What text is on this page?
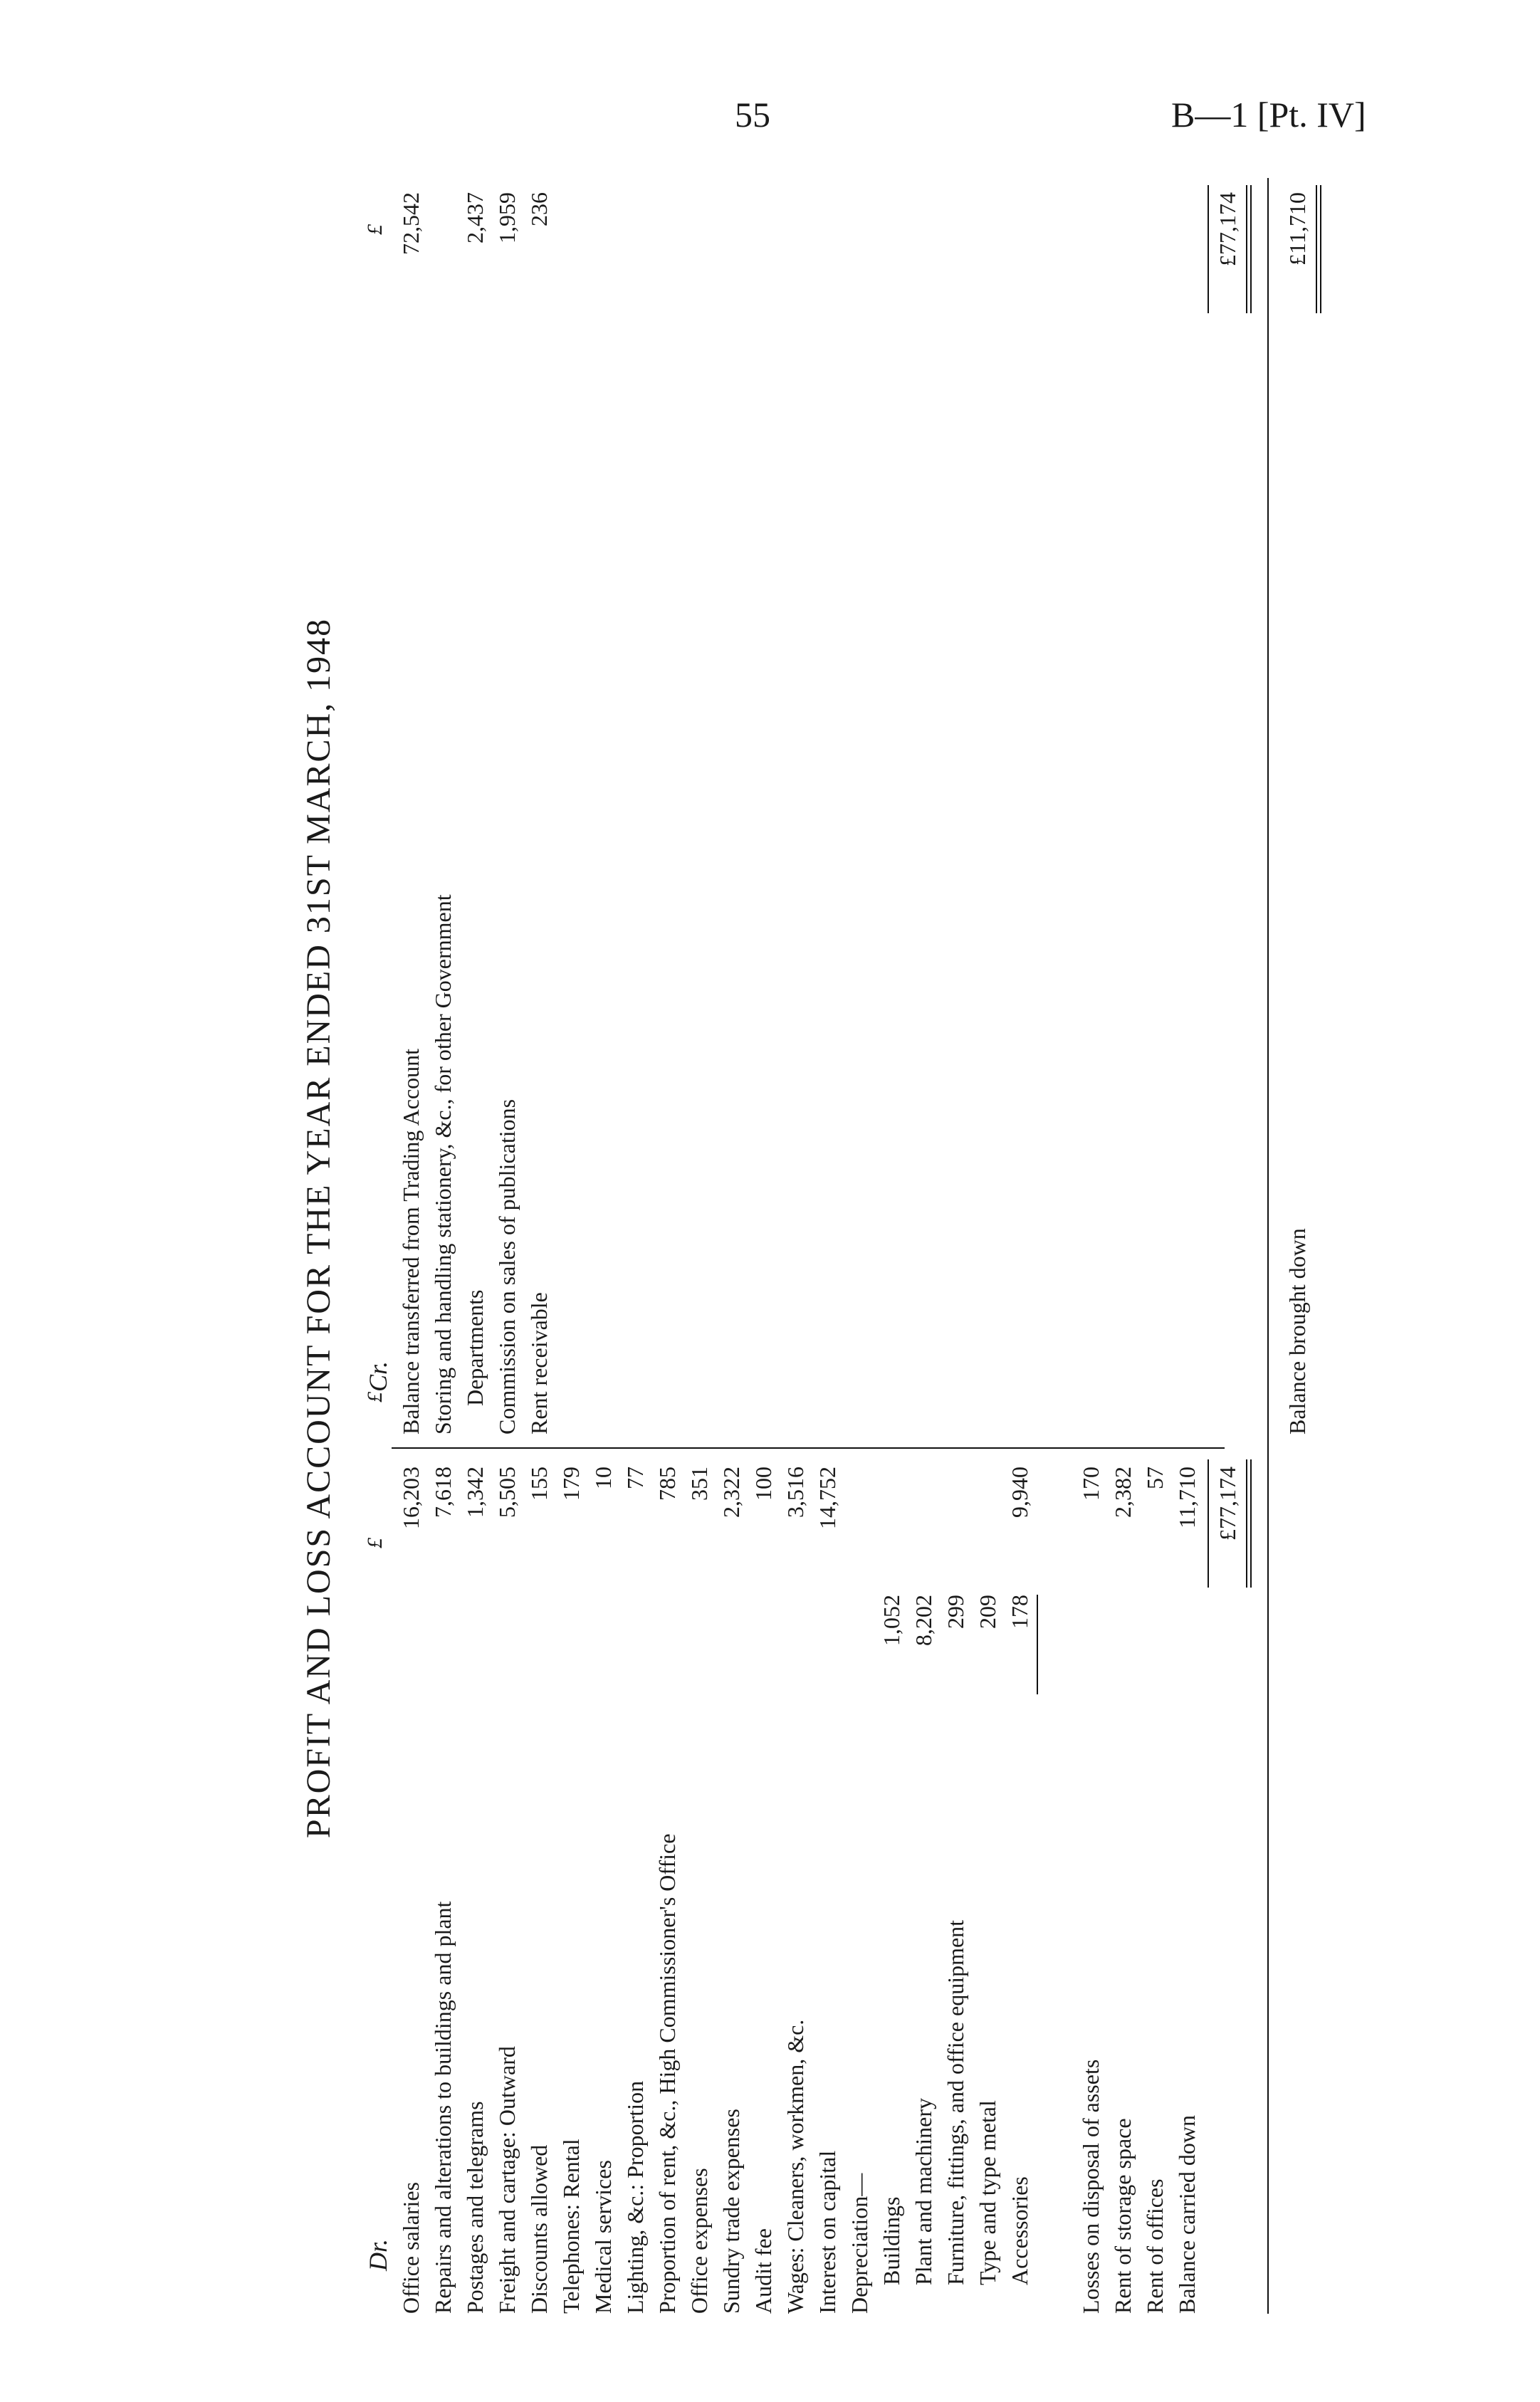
55	B—1 [Pt. IV]
PROFIT AND LOSS ACCOUNT FOR THE YEAR ENDED 31ST MARCH, 1948
Dr.
£
£
Cr.
£
Office salaries
16,203
Repairs and alterations to buildings and plant
7,618
Postages and telegrams
1,342
Freight and cartage: Outward
5,505
Discounts allowed
155
Telephones: Rental
179
Medical services
10
Lighting, &c.: Proportion
77
Proportion of rent, &c., High Commissioner's Office
785
Office expenses
351
Sundry trade expenses
2,322
Audit fee
100
Wages: Cleaners, workmen, &c.
3,516
Interest on capital
14,752
Depreciation— Buildings
1,052
Plant and machinery
8,202
Furniture, fittings, and office equipment
299
Type and type metal
209
Accessories
178
9,940
Losses on disposal of assets
170
Rent of storage space
2,382
Rent of offices
57
Balance carried down
11,710 £77,174
Balance transferred from Trading Account
72,542
Storing and handling stationery, &c., for other Government Departments
2,437
Commission on sales of publications
1,959
Rent receivable
236	£77,174
Balance brought down
£11,710
